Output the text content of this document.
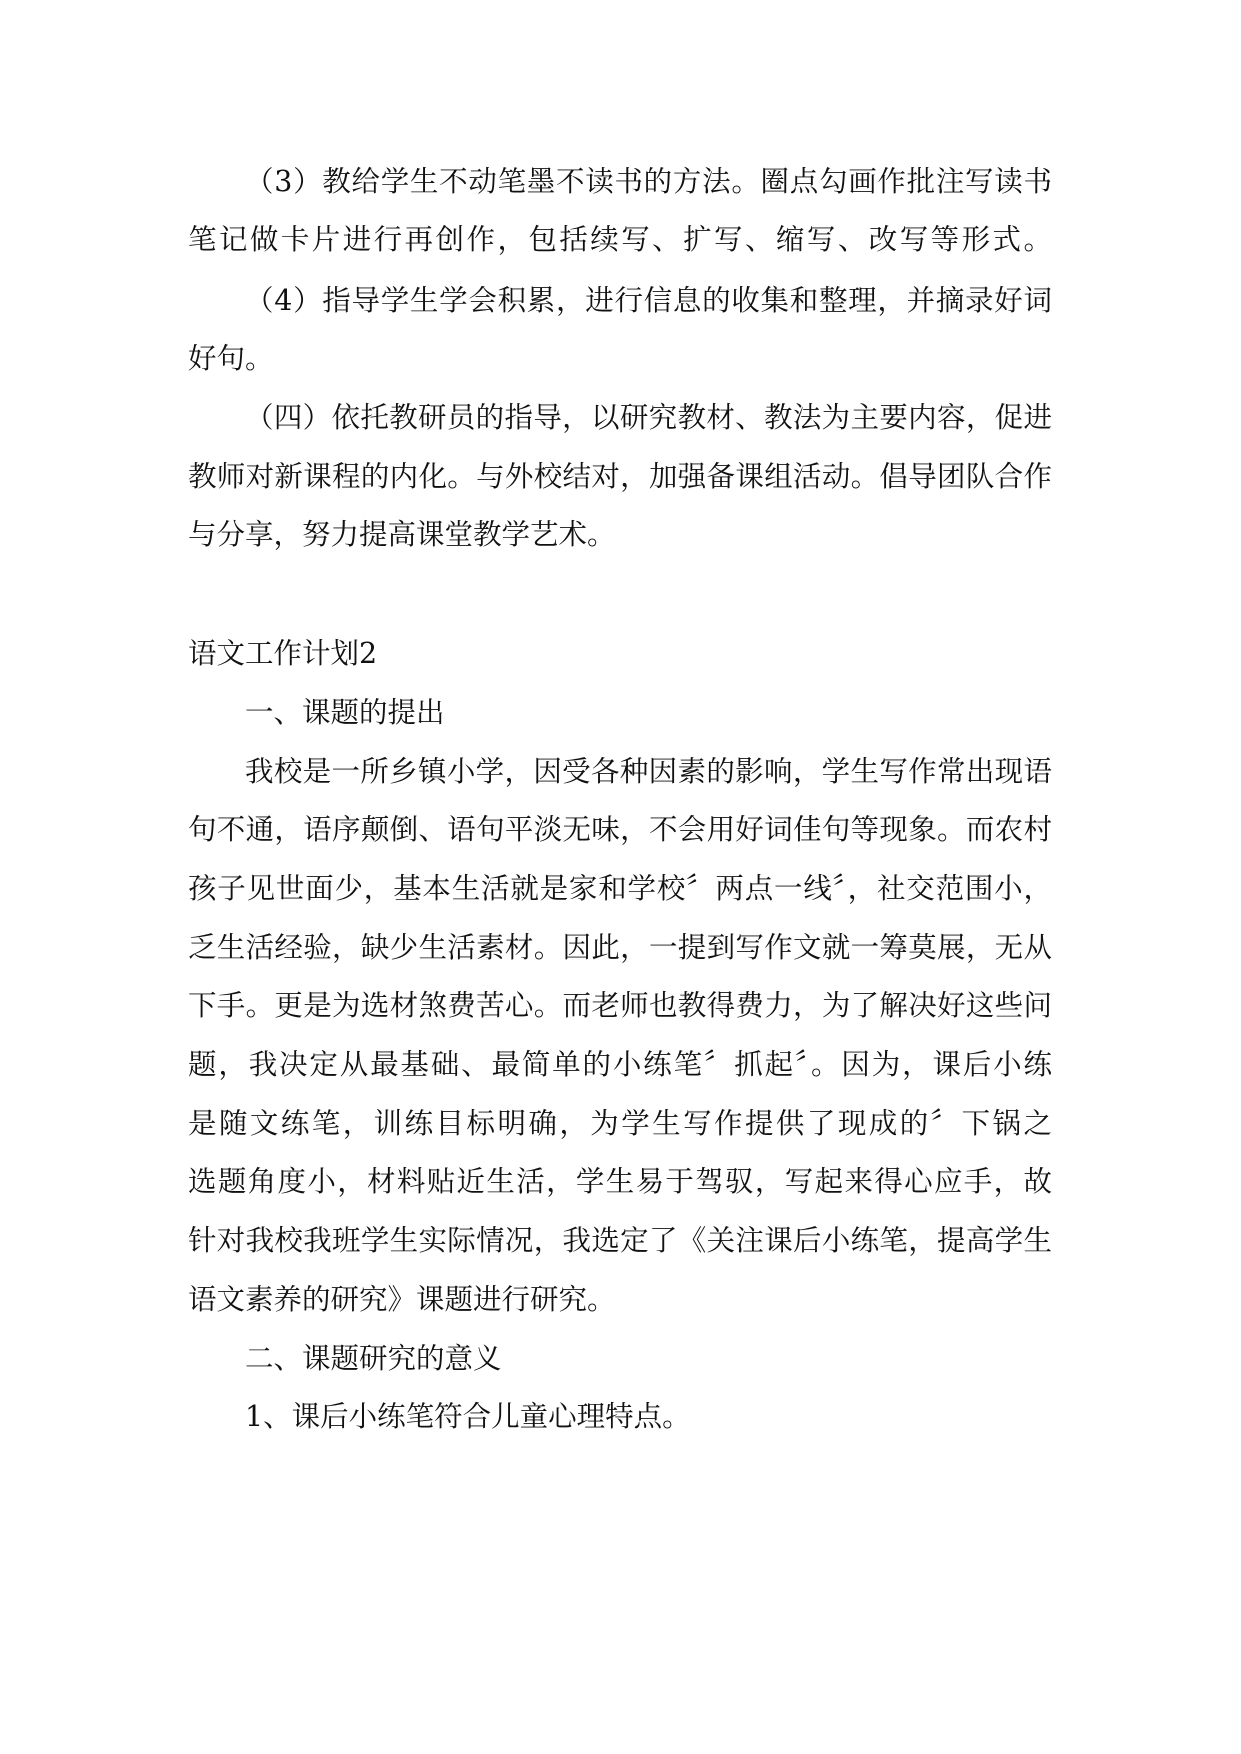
（3）教给学生不动笔墨不读书的方法。圈点勾画作批注写读书
笔记做卡片进行再创作，包括续写、扩写、缩写、改写等形式。
（4）指导学生学会积累，进行信息的收集和整理，并摘录好词
好句。
（四）依托教研员的指导，以研究教材、教法为主要内容，促进
教师对新课程的内化。与外校结对，加强备课组活动。倡导团队合作
与分享，努力提高课堂教学艺术。
语文工作计划2
一、课题的提出
我校是一所乡镇小学，因受各种因素的影响，学生写作常出现语
句不通，语序颠倒、语句平淡无味，不会用好词佳句等现象。而农村
孩子见世面少，基本生活就是家和学校〞两点一线〞，社交范围小，
乏生活经验，缺少生活素材。因此，一提到写作文就一筹莫展，无从
下手。更是为选材煞费苦心。而老师也教得费力，为了解决好这些问
题，我决定从最基础、最简单的小练笔〞抓起〞。因为，课后小练
是随文练笔，训练目标明确，为学生写作提供了现成的〞下锅之
选题角度小，材料贴近生活，学生易于驾驭，写起来得心应手，故
针对我校我班学生实际情况，我选定了《关注课后小练笔，提高学生
语文素养的研究》课题进行研究。
二、课题研究的意义
1、课后小练笔符合儿童心理特点。
